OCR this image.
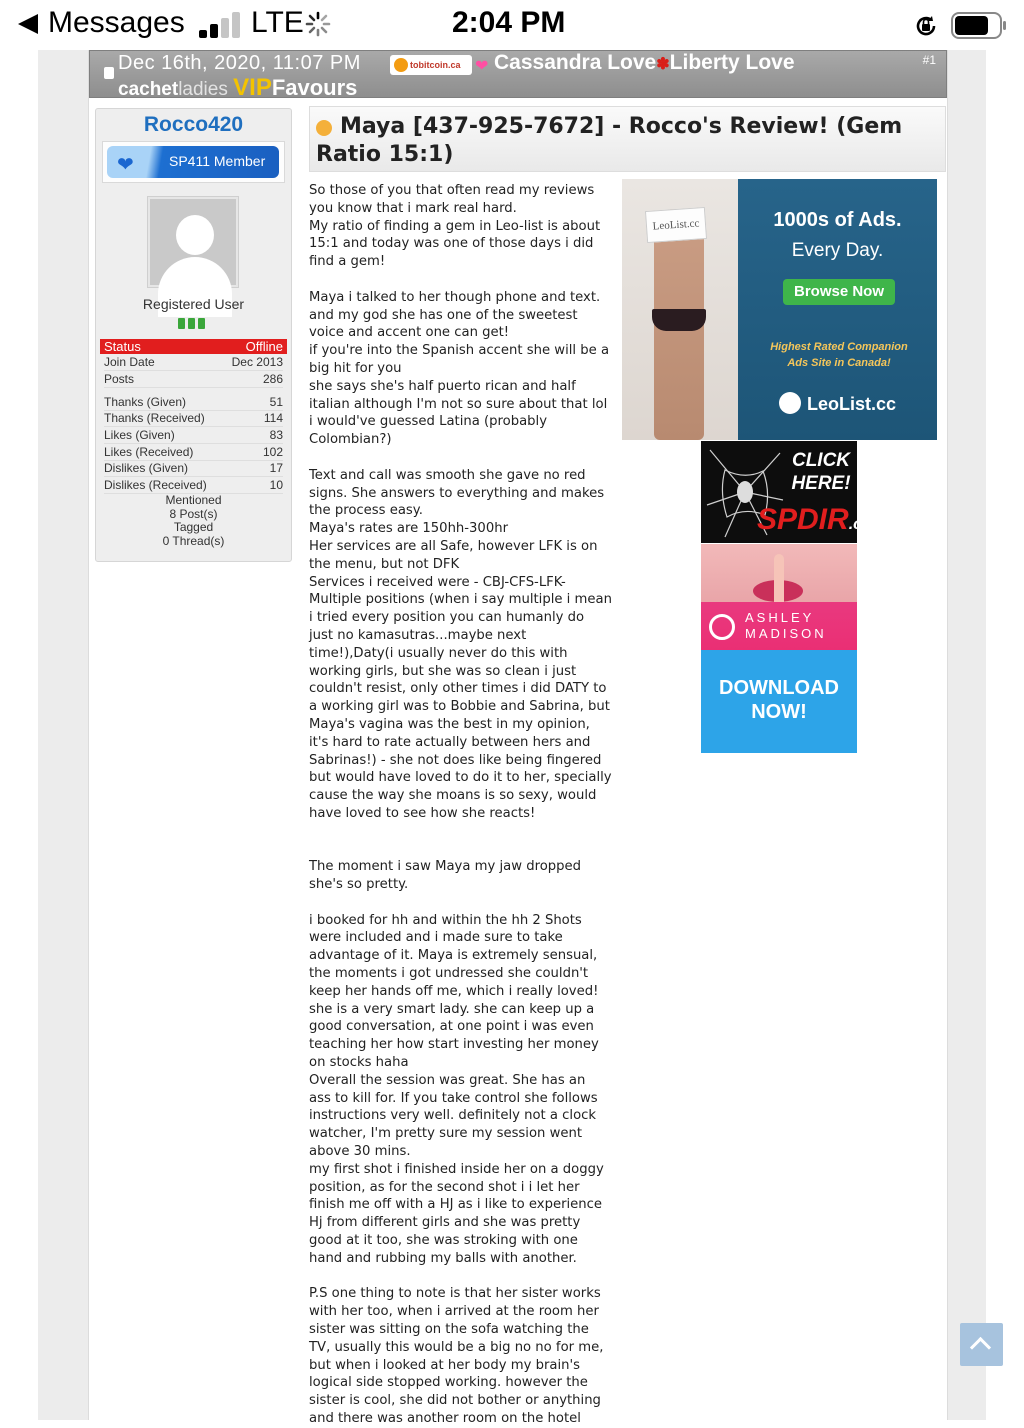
Messages LTE	2:04 PM
Dec 16th, 2020, 11:07 PM	tobitcoin.ca ❤ Cassandra Love✽Liberty Love	#1
cachetladies VIPFavours
Rocco420
❤	SP411 Member
Registered User
Status	Offline
Join Date	Dec 2013
Posts	286
Thanks (Given)	51
Thanks (Received)	114
Likes (Given)	83
Likes (Received)	102
Dislikes (Given)	17
Dislikes (Received)	10
Mentioned
8 Post(s)
Tagged
0 Thread(s)
Maya [437-925-7672] - Rocco's Review! (Gem Ratio 15:1)

So those of you that often read my reviews
you know that i mark real hard.
My ratio of finding a gem in Leo-list is about
15:1 and today was one of those days i did
find a gem!

Maya i talked to her though phone and text.
and my god she has one of the sweetest
voice and accent one can get!
if you're into the Spanish accent she will be a
big hit for you
she says she's half puerto rican and half
italian although I'm not so sure about that lol
i would've guessed Latina (probably
Colombian?)

Text and call was smooth she gave no red
signs. She answers to everything and makes
the process easy.
Maya's rates are 150hh-300hr
Her services are all Safe, however LFK is on
the menu, but not DFK
Services i received were - CBJ-CFS-LFK-
Multiple positions (when i say multiple i mean
i tried every position you can humanly do
just no kamasutras...maybe next
time!),Daty(i usually never do this with
working girls, but she was so clean i just
couldn't resist, only other times i did DATY to
a working girl was to Bobbie and Sabrina, but
Maya's vagina was the best in my opinion,
it's hard to rate actually between hers and
Sabrinas!) - she not does like being fingered
but would have loved to do it to her, specially
cause the way she moans is so sexy, would
have loved to see how she reacts!

The moment i saw Maya my jaw dropped
she's so pretty.

i booked for hh and within the hh 2 Shots
were included and i made sure to take
advantage of it. Maya is extremely sensual,
the moments i got undressed she couldn't
keep her hands off me, which i really loved!
she is a very smart lady. she can keep up a
good conversation, at one point i was even
teaching her how start investing her money
on stocks haha
Overall the session was great. She has an
ass to kill for. If you take control she follows
instructions very well. definitely not a clock
watcher, I'm pretty sure my session went
above 30 mins.
my first shot i finished inside her on a doggy
position, as for the second shot i i let her
finish me off with a HJ as i like to experience
Hj from different girls and she was pretty
good at it too, she was stroking with one
hand and rubbing my balls with another.

P.S one thing to note is that her sister works
with her too, when i arrived at the room her
sister was sitting on the sofa watching the
TV, usually this would be a big no no for me,
but when i looked at her body my brain's
logical side stopped working. however the
sister is cool, she did not bother or anything
and there was another room on the hotel

LeoList.cc	1000s of Ads.
Every Day.
Browse Now
Highest Rated Companion
Ads Site in Canada!
LeoList.cc
CLICK
HERE!
SPDIR.cc
ASHLEY
MADISON
DOWNLOAD
NOW!
